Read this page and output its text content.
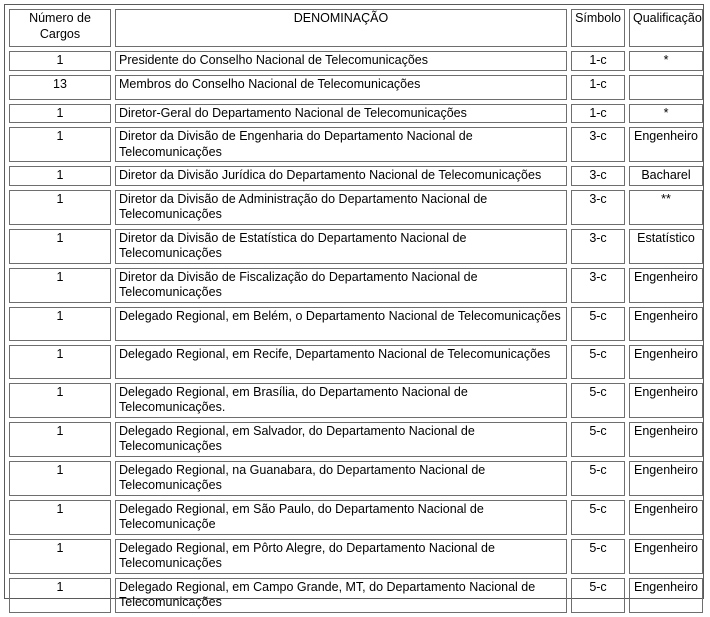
Número de Cargos	DENOMINAÇÃO	Símbolo	Qualificação
1	Presidente do Conselho Nacional de Telecomunicações	1-c	*
13	Membros do Conselho Nacional de Telecomunicações	1-c	
1	Diretor-Geral do Departamento Nacional de Telecomunicações	1-c	*
1	Diretor da Divisão de Engenharia do Departamento Nacional de Telecomunicações	3-c	Engenheiro
1	Diretor da Divisão Jurídica do Departamento Nacional de Telecomunicações	3-c	Bacharel
1	Diretor da Divisão de Administração do Departamento Nacional de Telecomunicações	3-c	**
1	Diretor da Divisão de Estatística do Departamento Nacional de Telecomunicações	3-c	Estatístico
1	Diretor da Divisão de Fiscalização do Departamento Nacional de Telecomunicações	3-c	Engenheiro
1	Delegado Regional, em Belém, o Departamento Nacional de Telecomunicações	5-c	Engenheiro
1	Delegado Regional, em Recife, Departamento Nacional de Telecomunicações	5-c	Engenheiro
1	Delegado Regional, em Brasília, do Departamento Nacional de Telecomunicações.	5-c	Engenheiro
1	Delegado Regional, em Salvador, do Departamento Nacional de Telecomunicações	5-c	Engenheiro
1	Delegado Regional, na Guanabara, do Departamento Nacional de Telecomunicações	5-c	Engenheiro
1	Delegado Regional, em São Paulo, do Departamento Nacional de Telecomunicaçõe	5-c	Engenheiro
1	Delegado Regional, em Pôrto Alegre, do Departamento Nacional de Telecomunicações	5-c	Engenheiro
1	Delegado Regional, em Campo Grande, MT, do Departamento Nacional de Telecomunicações	5-c	Engenheiro
